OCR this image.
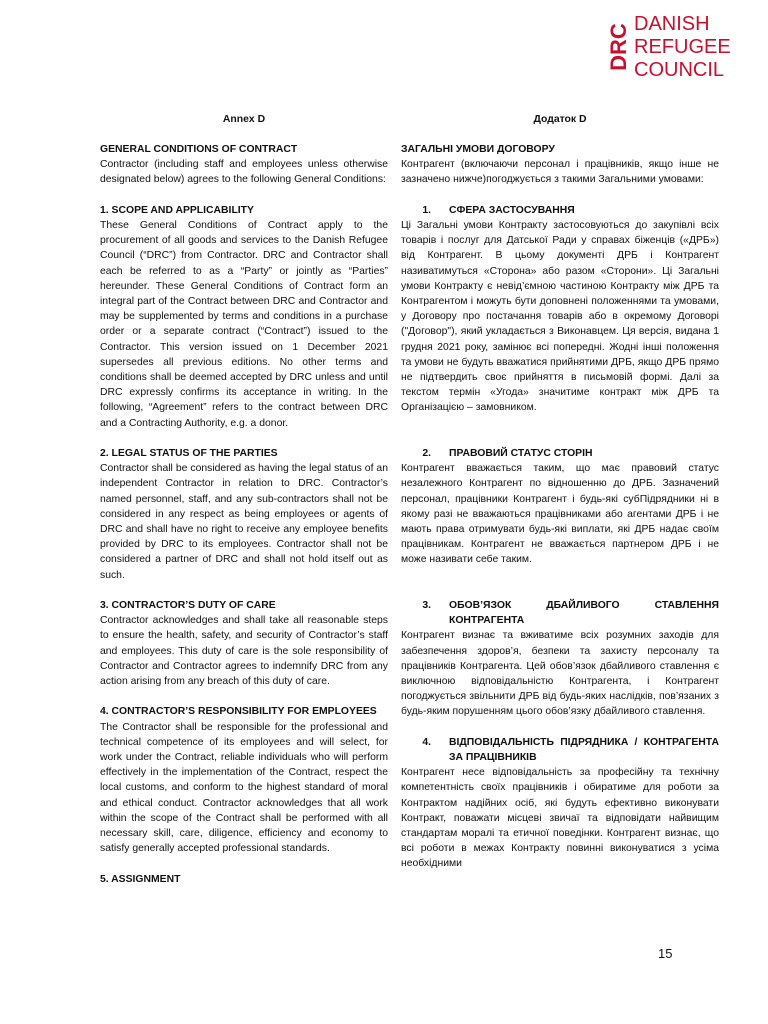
DRC DANISH
REFUGEE
COUNCIL
Annex D
GENERAL CONDITIONS OF CONTRACT

Contractor (including staff and employees unless otherwise designated below) agrees to the following General Conditions:

1. SCOPE AND APPLICABILITY

These General Conditions of Contract apply to the procurement of all goods and services to the Danish Refugee Council (“DRC”) from Contractor. DRC and Contractor shall each be referred to as a “Party” or jointly as “Parties” hereunder. These General Conditions of Contract form an integral part of the Contract between DRC and Contractor and may be supplemented by terms and conditions in a purchase order or a separate contract (“Contract”) issued to the Contractor. This version issued on 1 December 2021 supersedes all previous editions. No other terms and conditions shall be deemed accepted by DRC unless and until DRC expressly confirms its acceptance in writing. In the following, “Agreement” refers to the contract between DRC and a Contracting Authority, e.g. a donor.

2. LEGAL STATUS OF THE PARTIES

Contractor shall be considered as having the legal status of an independent Contractor in relation to DRC. Contractor’s named personnel, staff, and any sub-contractors shall not be considered in any respect as being employees or agents of DRC and shall have no right to receive any employee benefits provided by DRC to its employees. Contractor shall not be considered a partner of DRC and shall not hold itself out as such.

3. CONTRACTOR’S DUTY OF CARE

Contractor acknowledges and shall take all reasonable steps to ensure the health, safety, and security of Contractor’s staff and employees. This duty of care is the sole responsibility of Contractor and Contractor agrees to indemnify DRC from any action arising from any breach of this duty of care.

4. CONTRACTOR’S RESPONSIBILITY FOR EMPLOYEES

The Contractor shall be responsible for the professional and technical competence of its employees and will select, for work under the Contract, reliable individuals who will perform effectively in the implementation of the Contract, respect the local customs, and conform to the highest standard of moral and ethical conduct. Contractor acknowledges that all work within the scope of the Contract shall be performed with all necessary skill, care, diligence, efficiency and economy to satisfy generally accepted professional standards.

5. ASSIGNMENT
Додаток D
ЗАГАЛЬНІ УМОВИ ДОГОВОРУ

Контрагент (включаючи персонал і працівників, якщо інше не зазначено нижче)погоджується з такими Загальними умовами:

1.	СФЕРА ЗАСТОСУВАННЯ

Ці Загальні умови Контракту застосовуються до закупівлі всіх товарів і послуг для Датської Ради у справах біженців («ДРБ») від Контрагент. В цьому документі ДРБ і Контрагент називатимуться «Сторона» або разом «Сторони». Ці Загальні умови Контракту є невід’ємною частиною Контракту між ДРБ та Контрагентом і можуть бути доповнені положеннями та умовами, у Договору про постачання товарів або в окремому Договорі ("Договор"), який укладається з Виконавцем. Ця версія, видана 1 грудня 2021 року, замінює всі попередні. Жодні інші положення та умови не будуть вважатися прийнятими ДРБ, якщо ДРБ прямо не підтвердить своє прийняття в письмовій формі. Далі за текстом термін «Угода» значитиме контракт між ДРБ та Організацією – замовником.

2.	ПРАВОВИЙ СТАТУС СТОРІН

Контрагент вважається таким, що має правовий статус незалежного Контрагент по відношенню до ДРБ. Зазначений персонал, працівники Контрагент і будь-які субПідрядники ні в якому разі не вважаються працівниками або агентами ДРБ і не мають права отримувати будь-які виплати, які ДРБ надає своїм працівникам. Контрагент не вважається партнером ДРБ і не може називати себе таким.

3.	ОБОВ’ЯЗОК ДБАЙЛИВОГО СТАВЛЕННЯ КОНТРАГЕНТА

Контрагент визнає та вживатиме всіх розумних заходів для забезпечення здоров’я, безпеки та захисту персоналу та працівників Контрагента. Цей обов’язок дбайливого ставлення є виключною відповідальністю Контрагента, і Контрагент погоджується звільнити ДРБ від будь-яких наслідків, пов’язаних з будь-яким порушенням цього обов’язку дбайливого ставлення.

4.	ВІДПОВІДАЛЬНІСТЬ ПІДРЯДНИКА / КОНТРАГЕНТА ЗА ПРАЦІВНИКІВ

Контрагент несе відповідальність за професійну та технічну компетентність своїх працівників і обиратиме для роботи за Контрактом надійних осіб, які будуть ефективно виконувати Контракт, поважати місцеві звичаї та відповідати найвищим стандартам моралі та етичної поведінки. Контрагент визнає, що всі роботи в межах Контракту повинні виконуватися з усіма необхідними

15
